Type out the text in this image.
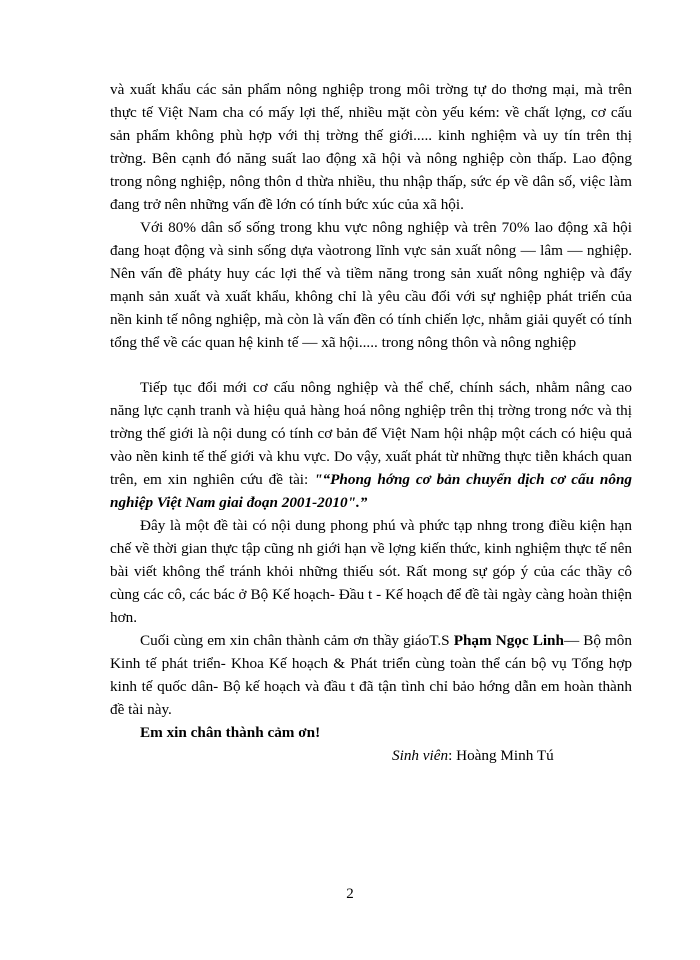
và xuất khẩu các sản phẩm nông nghiệp trong môi trờng tự do thơng mại, mà trên thực tế Việt Nam cha có mấy lợi thế, nhiều mặt còn yếu kém: về chất lợng, cơ cấu sản phẩm không phù hợp với thị trờng thế giới..... kinh nghiệm và uy tín trên thị trờng. Bên cạnh đó năng suất lao động xã hội và nông nghiệp còn thấp. Lao động trong nông nghiệp, nông thôn d thừa nhiều, thu nhập thấp, sức ép về dân số, việc làm đang trở nên những vấn đề lớn có tính bức xúc của xã hội.

Với 80% dân số sống trong khu vực nông nghiệp và trên 70% lao động xã hội đang hoạt động và sinh sống dựa vàotrong lĩnh vực sản xuất nông — lâm — nghiệp. Nên vấn đề pháty huy các lợi thế và tiềm năng trong sản xuất nông nghiệp và đẩy mạnh sản xuất và xuất khẩu, không chỉ là yêu cầu đối với sự nghiệp phát triển của nền kinh tế nông nghiệp, mà còn là vấn đền có tính chiến lợc, nhằm giải quyết có tính tổng thể về các quan hệ kinh tế — xã hội..... trong nông thôn và nông nghiệp

Tiếp tục đổi mới cơ cấu nông nghiệp và thể chế, chính sách, nhằm nâng cao năng lực cạnh tranh và hiệu quả hàng hoá nông nghiệp trên thị trờng trong nớc và thị trờng thế giới là nội dung có tính cơ bản để Việt Nam hội nhập một cách có hiệu quả vào nền kinh tế thế giới và khu vực. Do vậy, xuất phát từ những thực tiễn khách quan trên, em xin nghiên cứu đề tài: "“Phong hớng cơ bản chuyển dịch cơ cấu nông nghiệp Việt Nam giai đoạn 2001-2010".”

Đây là một đề tài có nội dung phong phú và phức tạp nhng trong điều kiện hạn chế về thời gian thực tập cũng nh giới hạn về lợng kiến thức, kinh nghiệm thực tế nên bài viết không thể tránh khỏi những thiếu sót. Rất mong sự góp ý của các thầy cô cùng các cô, các bác ở Bộ Kế hoạch- Đầu t - Kế hoạch để đề tài ngày càng hoàn thiện hơn.

Cuối cùng em xin chân thành cảm ơn thầy giáoT.S Phạm Ngọc Linh— Bộ môn Kinh tế phát triển- Khoa Kế hoạch & Phát triển cùng toàn thể cán bộ vụ Tổng hợp kinh tế quốc dân- Bộ kế hoạch và đầu t đã tận tình chỉ bảo hớng dẫn em hoàn thành đề tài này.

Em xin chân thành cảm ơn!

Sinh viên: Hoàng Minh Tú

2
